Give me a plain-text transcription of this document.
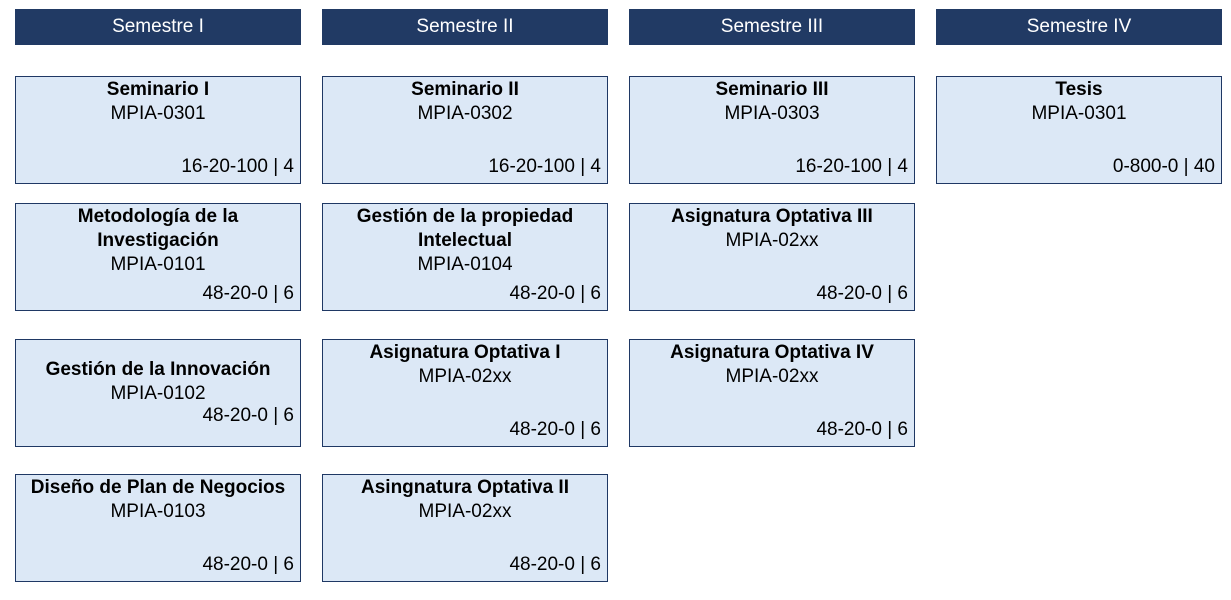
Semestre I	Semestre II	Semestre III	Semestre IV
Seminario I
MPIA-0301
16-20-100 | 4
Metodología de la Investigación
MPIA-0101
48-20-0 | 6
Gestión de la Innovación
MPIA-0102
48-20-0 | 6
Diseño de Plan de Negocios
MPIA-0103
48-20-0 | 6
Seminario II
MPIA-0302
16-20-100 | 4
Gestión de la propiedad Intelectual
MPIA-0104
48-20-0 | 6
Asignatura Optativa I
MPIA-02xx
48-20-0 | 6
Asingnatura Optativa II
MPIA-02xx
48-20-0 | 6
Seminario III
MPIA-0303
16-20-100 | 4
Asignatura Optativa III
MPIA-02xx
48-20-0 | 6
Asignatura Optativa IV
MPIA-02xx
48-20-0 | 6
Tesis
MPIA-0301
0-800-0 | 40
